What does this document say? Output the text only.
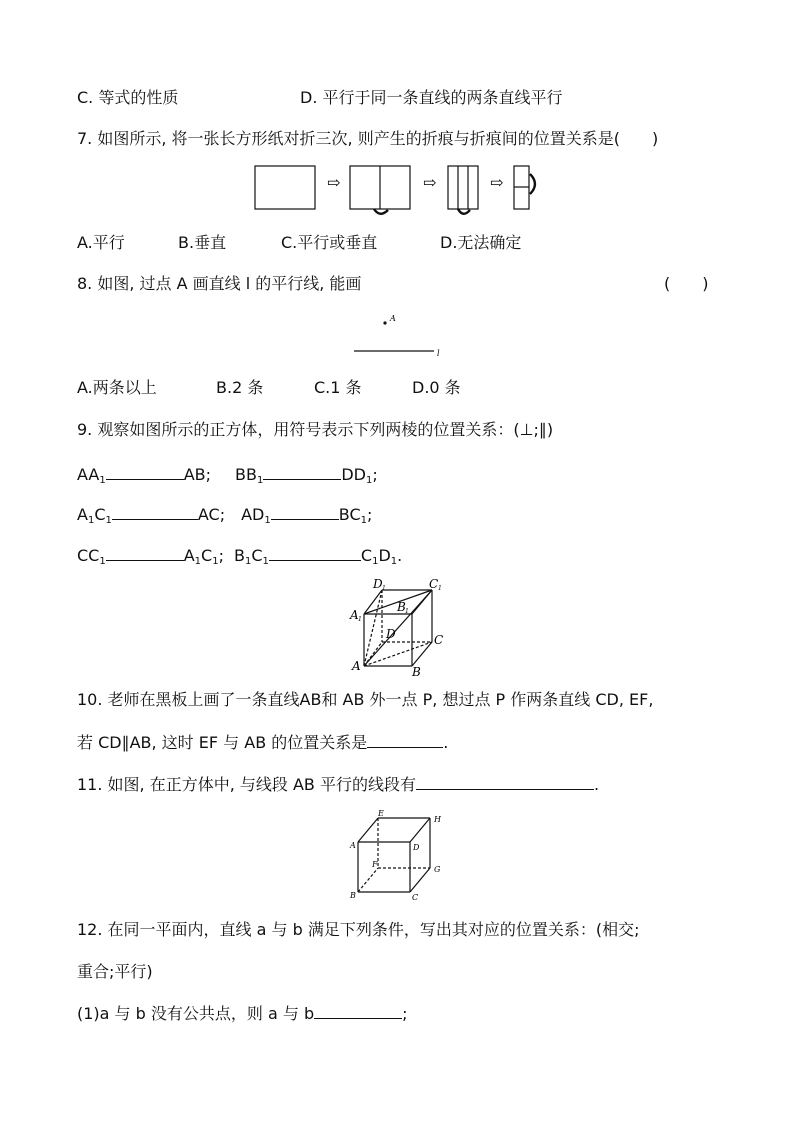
C. 等式的性质	D. 平行于同一条直线的两条直线平行
7. 如图所示, 将一张长方形纸对折三次, 则产生的折痕与折痕间的位置关系是(　　)
⇨	⇨	⇨
A.平行	B.垂直	C.平行或垂直	D.无法确定
8. 如图, 过点 A 画直线 l 的平行线, 能画	(　　)
A
l
A.两条以上	B.2 条	C.1 条	D.0 条
9. 观察如图所示的正方体，用符号表示下列两棱的位置关系：(⊥;∥)
$AA_1$	AB; $BB_1$	$DD_1$;
$A_1C_1$	AC; $AD_1$	$BC_1$;
$CC_1$	$A_1C_1$; $B_1C_1$	$C_1D_1$.
D 1	C 1
A 1
B 1
D	C
A	B
10. 老师在黑板上画了一条直线AB和 AB 外一点 P, 想过点 P 作两条直线 CD, EF,
若 CD∥AB, 这时 EF 与 AB 的位置关系是	.
11. 如图, 在正方体中, 与线段 AB 平行的线段有	.
E
H
A	D
F
G
B	C
12. 在同一平面内，直线 a 与 b 满足下列条件，写出其对应的位置关系：(相交;
重合;平行)
(1)a 与 b 没有公共点，则 a 与 b	;
